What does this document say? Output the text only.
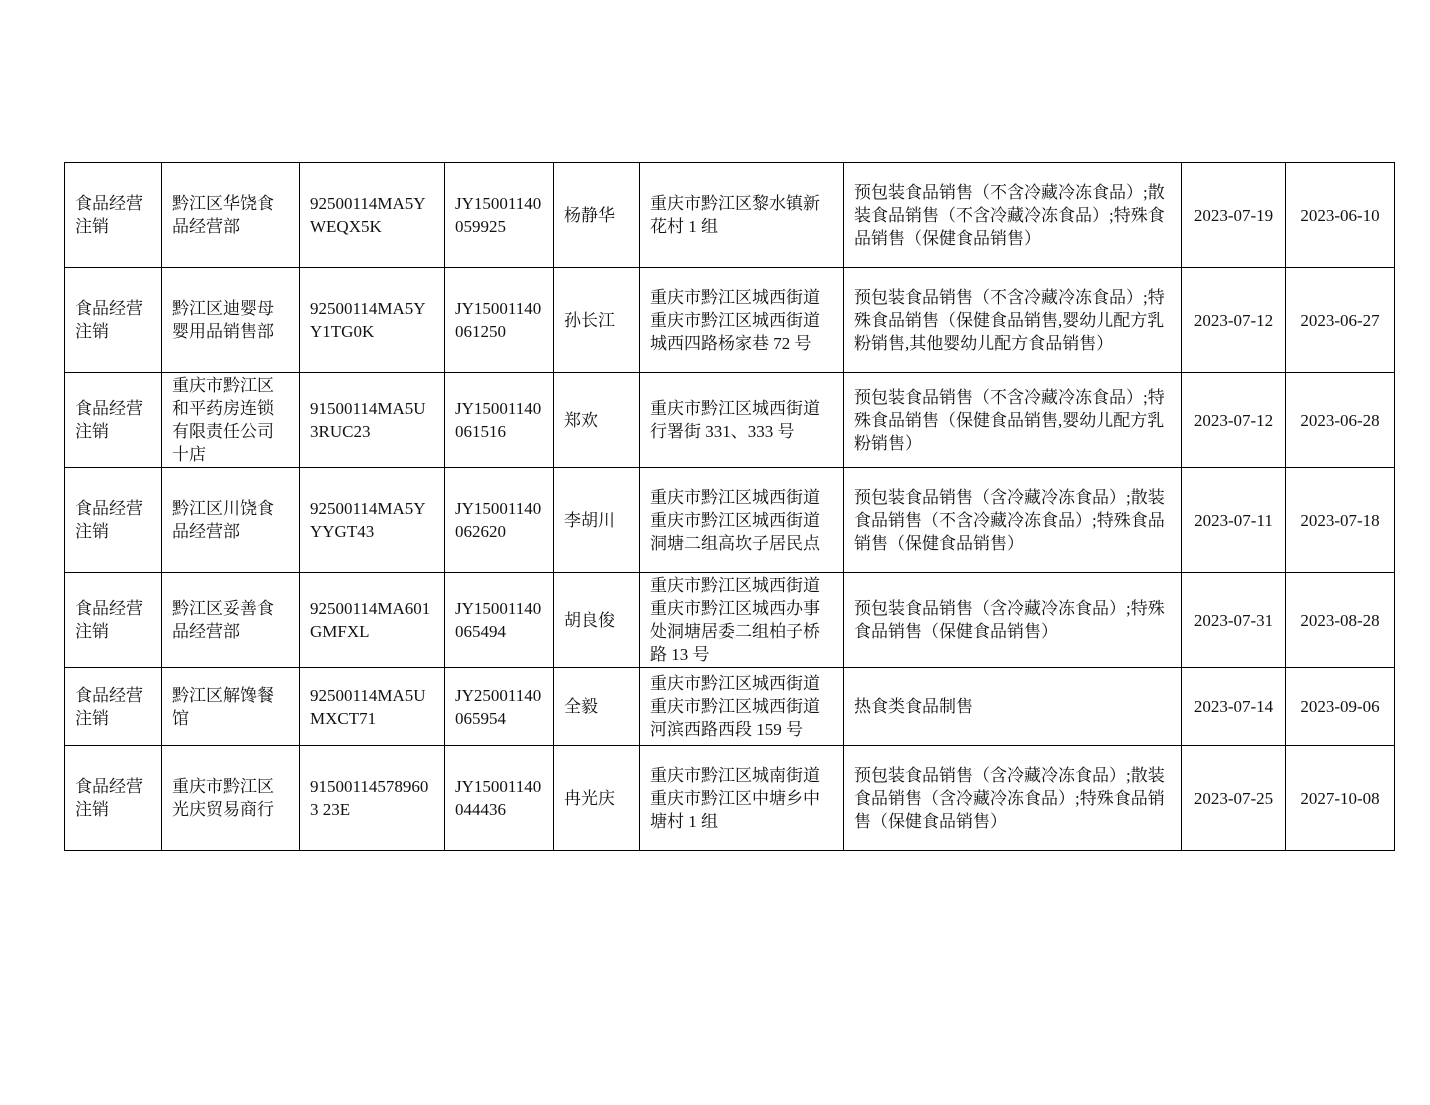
食品经营注销	黔江区华饶食品经营部	92500114MA5YWEQX5K	JY15001140059925	杨静华	重庆市黔江区黎水镇新花村 1 组	预包装食品销售（不含冷藏冷冻食品）;散装食品销售（不含冷藏冷冻食品）;特殊食品销售（保健食品销售）	2023-07-19	2023-06-10
食品经营注销	黔江区迪婴母婴用品销售部	92500114MA5YY1TG0K	JY15001140061250	孙长江	重庆市黔江区城西街道重庆市黔江区城西街道城西四路杨家巷 72 号	预包装食品销售（不含冷藏冷冻食品）;特殊食品销售（保健食品销售,婴幼儿配方乳粉销售,其他婴幼儿配方食品销售）	2023-07-12	2023-06-27
食品经营注销	重庆市黔江区和平药房连锁有限责任公司十店	91500114MA5U3RUC23	JY15001140061516	郑欢	重庆市黔江区城西街道行署街 331、333 号	预包装食品销售（不含冷藏冷冻食品）;特殊食品销售（保健食品销售,婴幼儿配方乳粉销售）	2023-07-12	2023-06-28
食品经营注销	黔江区川饶食品经营部	92500114MA5YYYGT43	JY15001140062620	李胡川	重庆市黔江区城西街道重庆市黔江区城西街道洞塘二组高坎子居民点	预包装食品销售（含冷藏冷冻食品）;散装食品销售（不含冷藏冷冻食品）;特殊食品销售（保健食品销售）	2023-07-11	2023-07-18
食品经营注销	黔江区妥善食品经营部	92500114MA601GMFXL	JY15001140065494	胡良俊	重庆市黔江区城西街道重庆市黔江区城西办事处洞塘居委二组柏子桥路 13 号	预包装食品销售（含冷藏冷冻食品）;特殊食品销售（保健食品销售）	2023-07-31	2023-08-28
食品经营注销	黔江区解馋餐馆	92500114MA5UMXCT71	JY25001140065954	全毅	重庆市黔江区城西街道重庆市黔江区城西街道河滨西路西段 159 号	热食类食品制售	2023-07-14	2023-09-06
食品经营注销	重庆市黔江区光庆贸易商行	915001145789603 23E	JY15001140044436	冉光庆	重庆市黔江区城南街道重庆市黔江区中塘乡中塘村 1 组	预包装食品销售（含冷藏冷冻食品）;散装食品销售（含冷藏冷冻食品）;特殊食品销售（保健食品销售）	2023-07-25	2027-10-08
